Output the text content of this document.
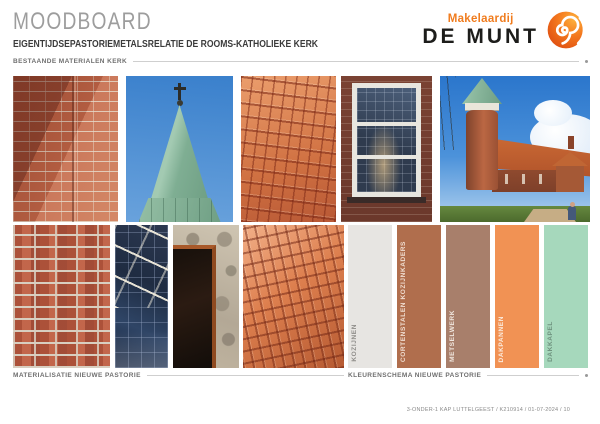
MOODBOARD
EIGENTIJDSEPASTORIEMETALSRELATIE DE ROOMS-KATHOLIEKE KERK
Makelaardij
DE MUNT
BESTAANDE MATERIALEN KERK
KOZIJNEN	CORTENSTALEN KOZIJNKADERS	METSELWERK	DAKPANNEN	DAKKAPEL
MATERIALISATIE NIEUWE PASTORIE	KLEURENSCHEMA NIEUWE PASTORIE
3-ONDER-1 KAP LUTTELGEEST / K210914 / 01-07-2024 / 10
